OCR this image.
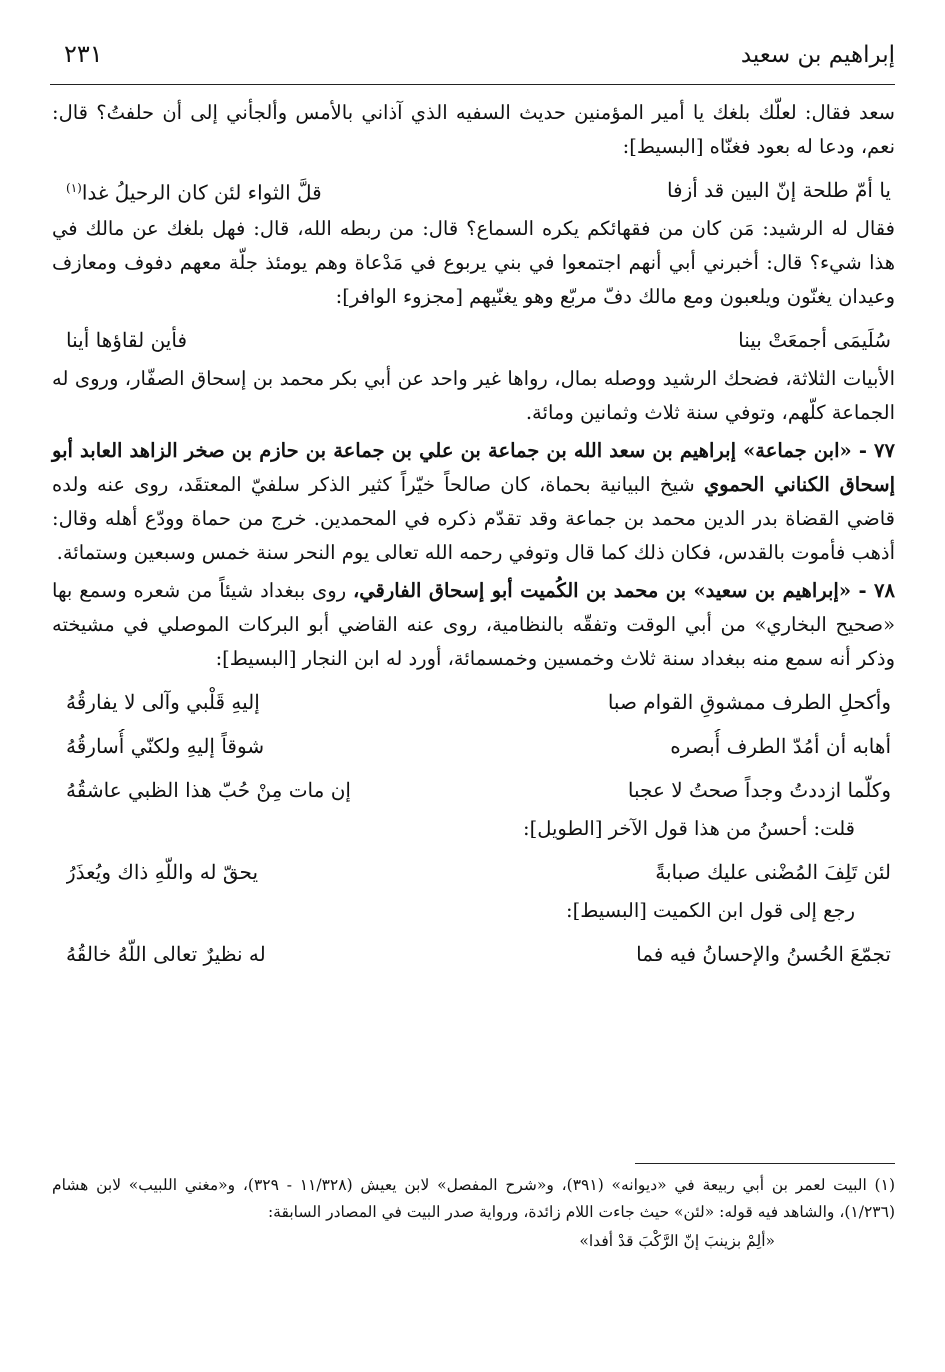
إبراهيم بن سعيد
٢٣١

سعد فقال: لعلّك بلغك يا أمير المؤمنين حديث السفيه الذي آذاني بالأمس وألجأني إلى أن حلفتُ؟ قال: نعم، ودعا له بعود فغنّاه [البسيط]:

يا أمّ طلحة إنّ البين قد أزفا
قلَّ الثواء لئن كان الرحيلُ غدا$^{(١)}$

فقال له الرشيد: مَن كان من فقهائكم يكره السماع؟ قال: من ربطه الله، قال: فهل بلغك عن مالك في هذا شيء؟ قال: أخبرني أبي أنهم اجتمعوا في بني يربوع في مَدْعاة وهم يومئذ جلّة معهم دفوف ومعازف وعيدان يغنّون ويلعبون ومع مالك دفّ مربّع وهو يغنّيهم [مجزوء الوافر]:

سُلَيمَى أجمعَتْ بينا
فأين لقاؤها أينا

الأبيات الثلاثة، فضحك الرشيد ووصله بمال، رواها غير واحد عن أبي بكر محمد بن إسحاق الصفّار، وروى له الجماعة كلّهم، وتوفي سنة ثلاث وثمانين ومائة.

٧٧ - «ابن جماعة» إبراهيم بن سعد الله بن جماعة بن علي بن جماعة بن حازم بن صخر الزاهد العابد أبو إسحاق الكناني الحموي شيخ البيانية بحماة، كان صالحاً خيّراً كثير الذكر سلفيّ المعتقَد، روى عنه ولده قاضي القضاة بدر الدين محمد بن جماعة وقد تقدّم ذكره في المحمدين. خرج من حماة وودّع أهله وقال: أذهب فأموت بالقدس، فكان ذلك كما قال وتوفي رحمه الله تعالى يوم النحر سنة خمس وسبعين وستمائة.

٧٨ - «إبراهيم بن سعيد» بن محمد بن الكُميت أبو إسحاق الفارقي، روى ببغداد شيئاً من شعره وسمع بها «صحيح البخاري» من أبي الوقت وتفقّه بالنظامية، روى عنه القاضي أبو البركات الموصلي في مشيخته وذكر أنه سمع منه ببغداد سنة ثلاث وخمسين وخمسمائة، أورد له ابن النجار [البسيط]:

وأكحلِ الطرف ممشوقِ القوام صبا
إليهِ قَلْبي وآلى لا يفارقُهُ
أهابه أن أمُدّ الطرف أُبصره
شوقاً إليهِ ولكنّي أُسارقُهُ
وكلّما ازددتُ وجداً صحتُ لا عجبا
إن مات مِنْ حُبّ هذا الظبي عاشقُهُ

قلت: أحسنُ من هذا قول الآخر [الطويل]:

لئن تَلِفَ المُضْنى عليك صبابةً
يحقّ له واللّهِ ذاك ويُعذَرُ

رجع إلى قول ابن الكميت [البسيط]:

تجمّعَ الحُسنُ والإحسانُ فيه فما
له نظيرٌ تعالى اللّهُ خالقُهُ

(١) البيت لعمر بن أبي ربيعة في «ديوانه» (٣٩١)، و«شرح المفصل» لابن يعيش (١١/٣٢٨ - ٣٢٩)، و«مغني اللبيب» لابن هشام (١/٢٣٦)، والشاهد فيه قوله: «لئن» حيث جاءت اللام زائدة، ورواية صدر البيت في المصادر السابقة:

«ألِمْ بزينبَ إنّ الرَّكْبَ قدْ أفدا»
